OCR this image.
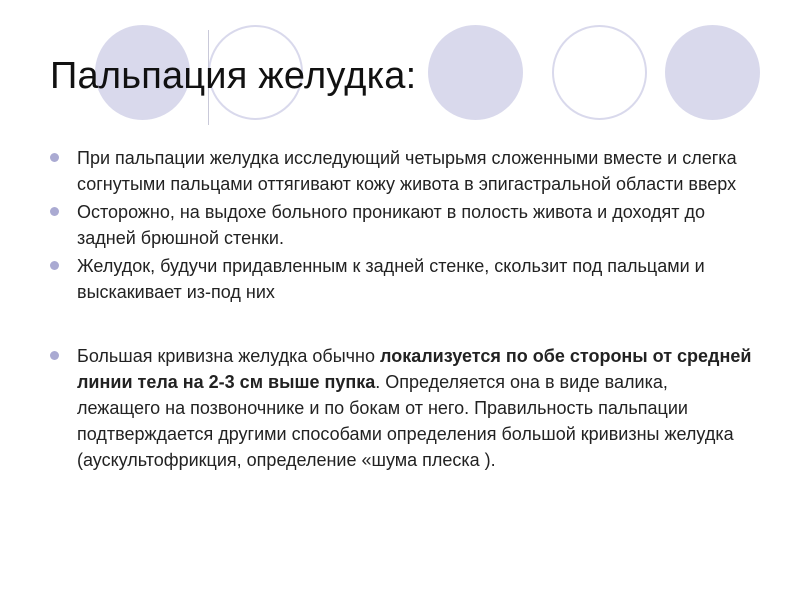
Пальпация желудка:
При пальпации желудка исследующий четырьмя сложенными вместе и слегка согнутыми пальцами оттягивают кожу живота в эпигастральной области вверх
Осторожно, на выдохе больного проникают в полость живота и доходят до задней брюшной стенки.
Желудок, будучи придавленным к задней стенке, скользит под пальцами и выскакивает из-под них
Большая кривизна желудка обычно локализуется по обе стороны от средней линии тела на 2-3 см выше пупка. Определяется она в виде валика, лежащего на позвоночнике и по бокам от него. Правильность пальпации подтверждается другими способами определения большой кривизны желудка (аускультофрикция, определение «шума плеска ).
